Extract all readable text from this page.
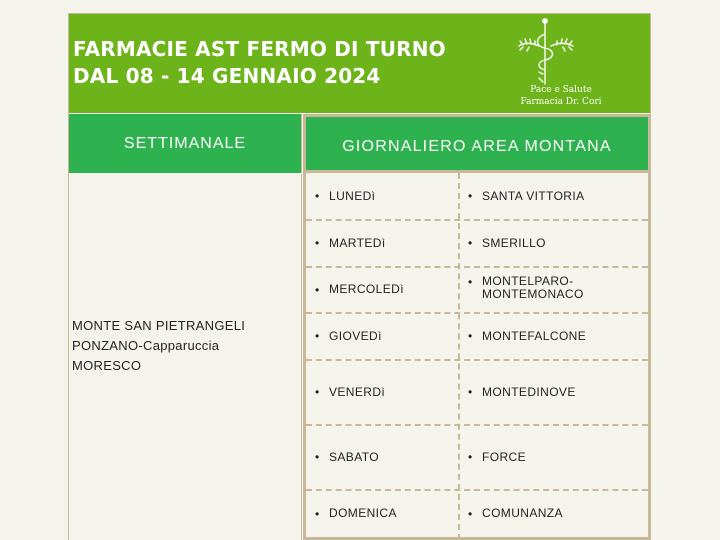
FARMACIE AST FERMO DI TURNO
DAL 08 - 14 GENNAIO 2024
Pace e Salute
Farmacia Dr. Cori
SETTIMANALE	GIORNALIERO AREA MONTANA
MONTE SAN PIETRANGELI
PONZANO-Capparuccia
MORESCO
• LUNEDì	• SANTA VITTORIA
• MARTEDì	• SMERILLO
• MERCOLEDì	• MONTELPARO-
MONTEMONACO
• GIOVEDì	• MONTEFALCONE
• VENERDì	• MONTEDINOVE
• SABATO	• FORCE
• DOMENICA	• COMUNANZA
